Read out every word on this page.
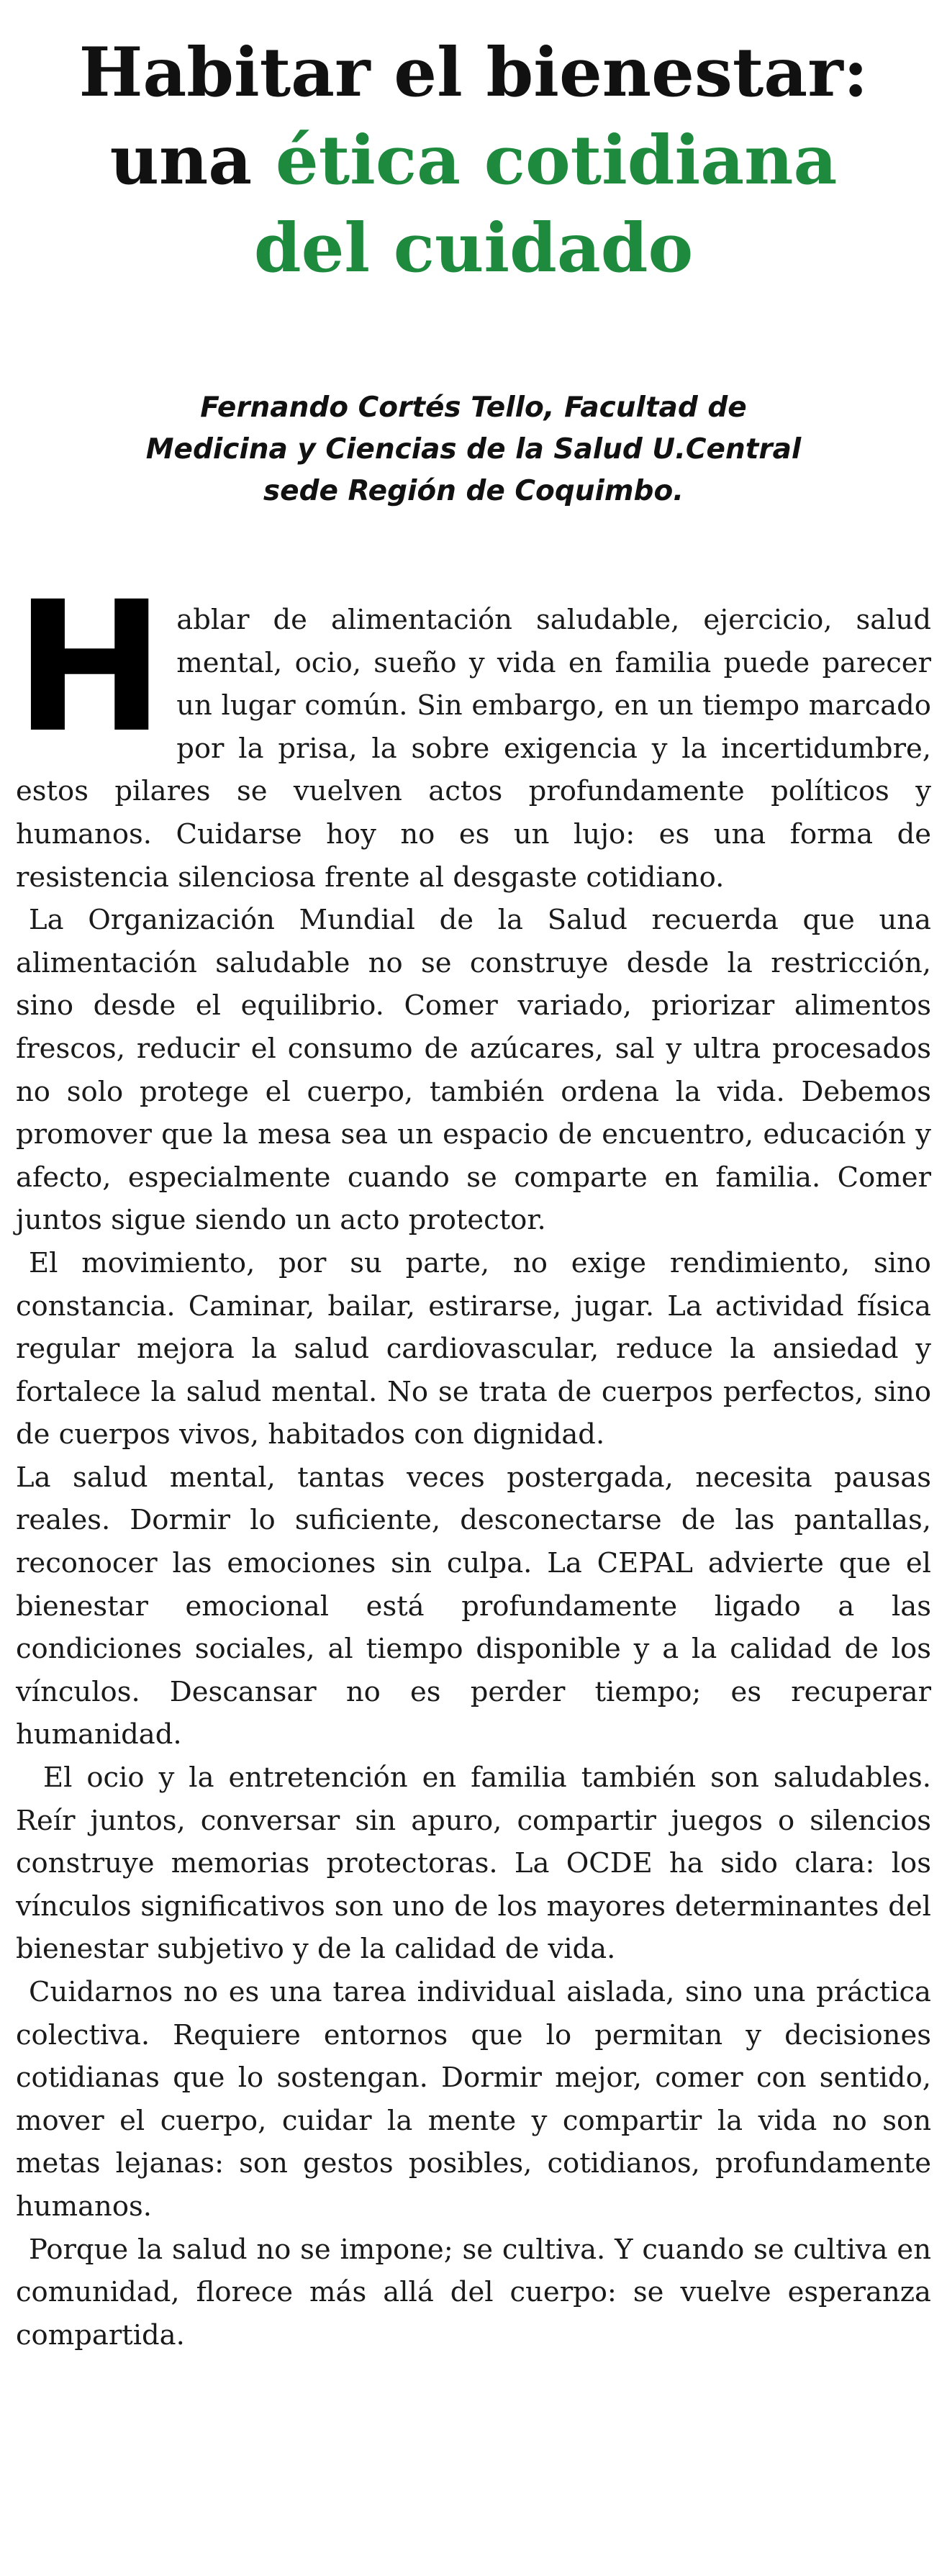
Habitar el bienestar:
una ética cotidiana
del cuidado
Fernando Cortés Tello, Facultad de
Medicina y Ciencias de la Salud U.Central
sede Región de Coquimbo.

Hablar de alimentación saludable, ejercicio, salud mental, ocio, sueño y vida en familia puede parecer un lugar común. Sin embargo, en un tiempo marcado por la prisa, la sobre exigencia y la incertidumbre, estos pilares se vuelven actos profundamente políticos y humanos. Cuidarse hoy no es un lujo: es una forma de resistencia silenciosa frente al desgaste cotidiano.

La Organización Mundial de la Salud recuerda que una alimentación saludable no se construye desde la restricción, sino desde el equilibrio. Comer variado, priorizar alimentos frescos, reducir el consumo de azúcares, sal y ultra procesados no solo protege el cuerpo, también ordena la vida. Debemos promover que la mesa sea un espacio de encuentro, educación y afecto, especialmente cuando se comparte en familia. Comer juntos sigue siendo un acto protector.

El movimiento, por su parte, no exige rendimiento, sino constancia. Caminar, bailar, estirarse, jugar. La actividad física regular mejora la salud cardiovascular, reduce la ansiedad y fortalece la salud mental. No se trata de cuerpos perfectos, sino de cuerpos vivos, habitados con dignidad.

La salud mental, tantas veces postergada, necesita pausas reales. Dormir lo suficiente, desconectarse de las pantallas, reconocer las emociones sin culpa. La CEPAL advierte que el bienestar emocional está profundamente ligado a las condiciones sociales, al tiempo disponible y a la calidad de los vínculos. Descansar no es perder tiempo; es recuperar humanidad.

El ocio y la entretención en familia también son saludables. Reír juntos, conversar sin apuro, compartir juegos o silencios construye memorias protectoras. La OCDE ha sido clara: los vínculos significativos son uno de los mayores determinantes del bienestar subjetivo y de la calidad de vida.

Cuidarnos no es una tarea individual aislada, sino una práctica colectiva. Requiere entornos que lo permitan y decisiones cotidianas que lo sostengan. Dormir mejor, comer con sentido, mover el cuerpo, cuidar la mente y compartir la vida no son metas lejanas: son gestos posibles, cotidianos, profundamente humanos.

Porque la salud no se impone; se cultiva. Y cuando se cultiva en comunidad, florece más allá del cuerpo: se vuelve esperanza compartida.
